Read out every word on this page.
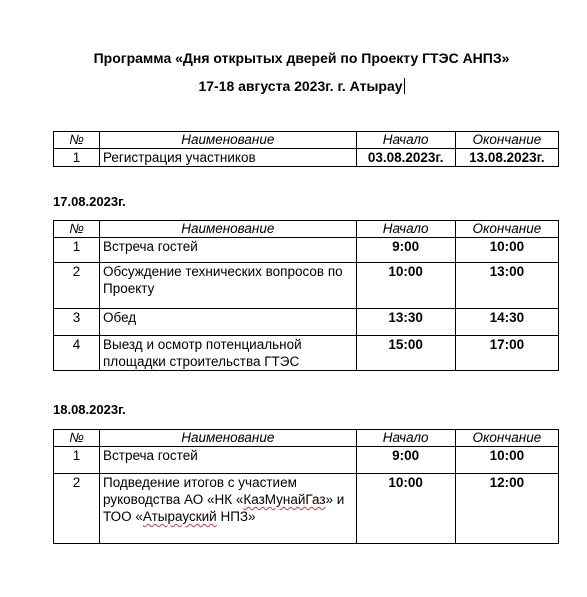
Программа «Дня открытых дверей по Проекту ГТЭС АНПЗ»
17-18 августа 2023г. г. Атырау
№	Наименование	Начало	Окончание
1	Регистрация участников	03.08.2023г.	13.08.2023г.
17.08.2023г.
№	Наименование	Начало	Окончание
1	Встреча гостей	9:00	10:00
2	Обсуждение технических вопросов по Проекту	10:00	13:00
3	Обед	13:30	14:30
4	Выезд и осмотр потенциальной площадки строительства ГТЭС	15:00	17:00
18.08.2023г.
№	Наименование	Начало	Окончание
1	Встреча гостей	9:00	10:00
2	Подведение итогов с участием руководства АО «НК «КазМунайГаз» и ТОО «Атырауский НПЗ»	10:00	12:00
